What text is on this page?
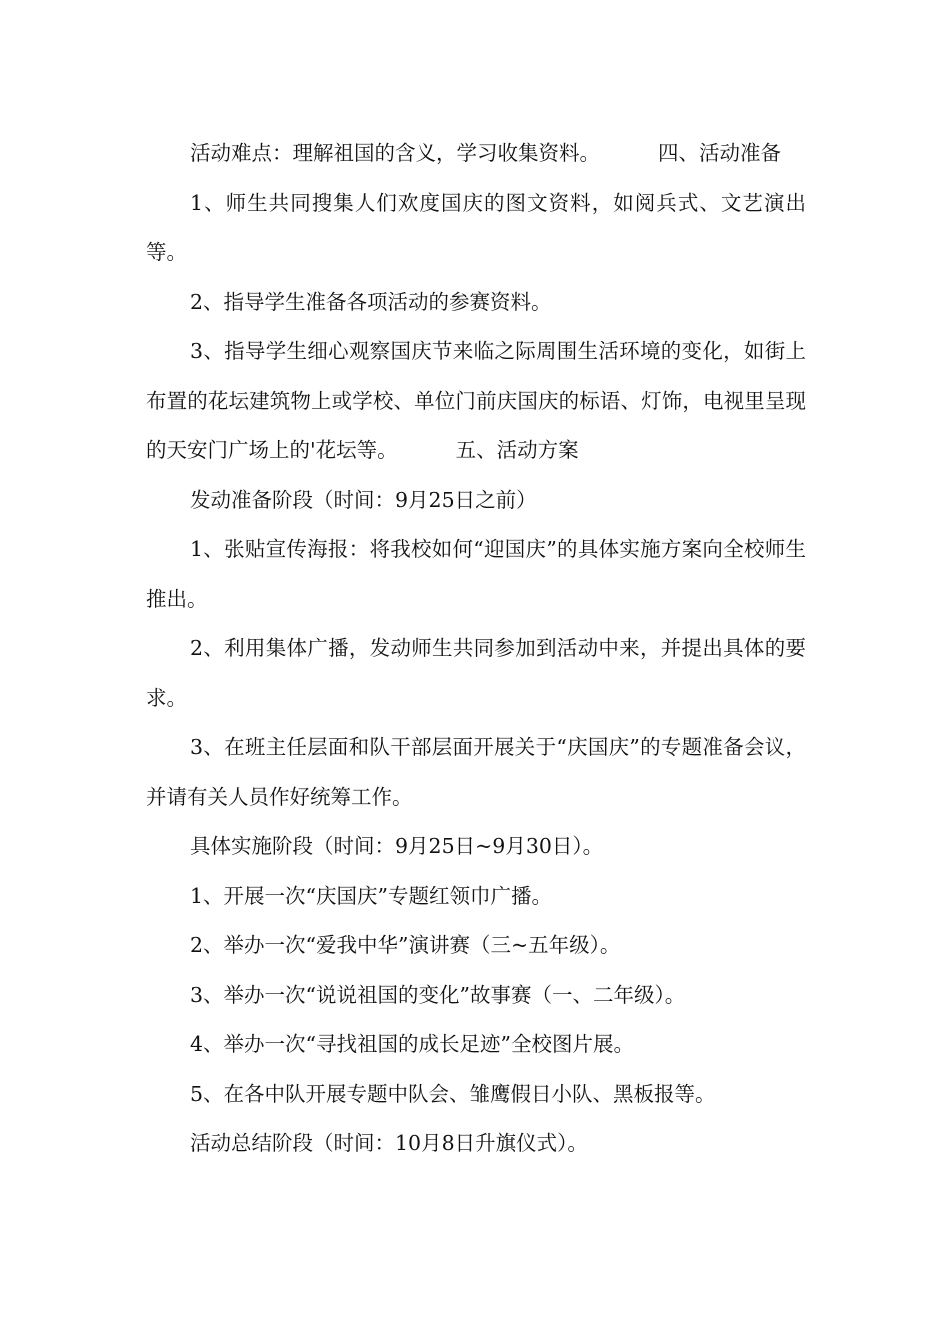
活动难点：理解祖国的含义，学习收集资料。	四、活动准备

1、师生共同搜集人们欢度国庆的图文资料，如阅兵式、文艺演出等。

2、指导学生准备各项活动的参赛资料。

3、指导学生细心观察国庆节来临之际周围生活环境的变化，如街上布置的花坛建筑物上或学校、单位门前庆国庆的标语、灯饰，电视里呈现的天安门广场上的'花坛等。	五、活动方案

发动准备阶段（时间：9月25日之前）

1、张贴宣传海报：将我校如何“迎国庆”的具体实施方案向全校师生推出。

2、利用集体广播，发动师生共同参加到活动中来，并提出具体的要求。

3、在班主任层面和队干部层面开展关于“庆国庆”的专题准备会议，并请有关人员作好统筹工作。

具体实施阶段（时间：9月25日~9月30日）。

1、开展一次“庆国庆”专题红领巾广播。

2、举办一次“爱我中华”演讲赛（三~五年级）。

3、举办一次“说说祖国的变化”故事赛（一、二年级）。

4、举办一次“寻找祖国的成长足迹”全校图片展。

5、在各中队开展专题中队会、雏鹰假日小队、黑板报等。

活动总结阶段（时间：10月8日升旗仪式）。
